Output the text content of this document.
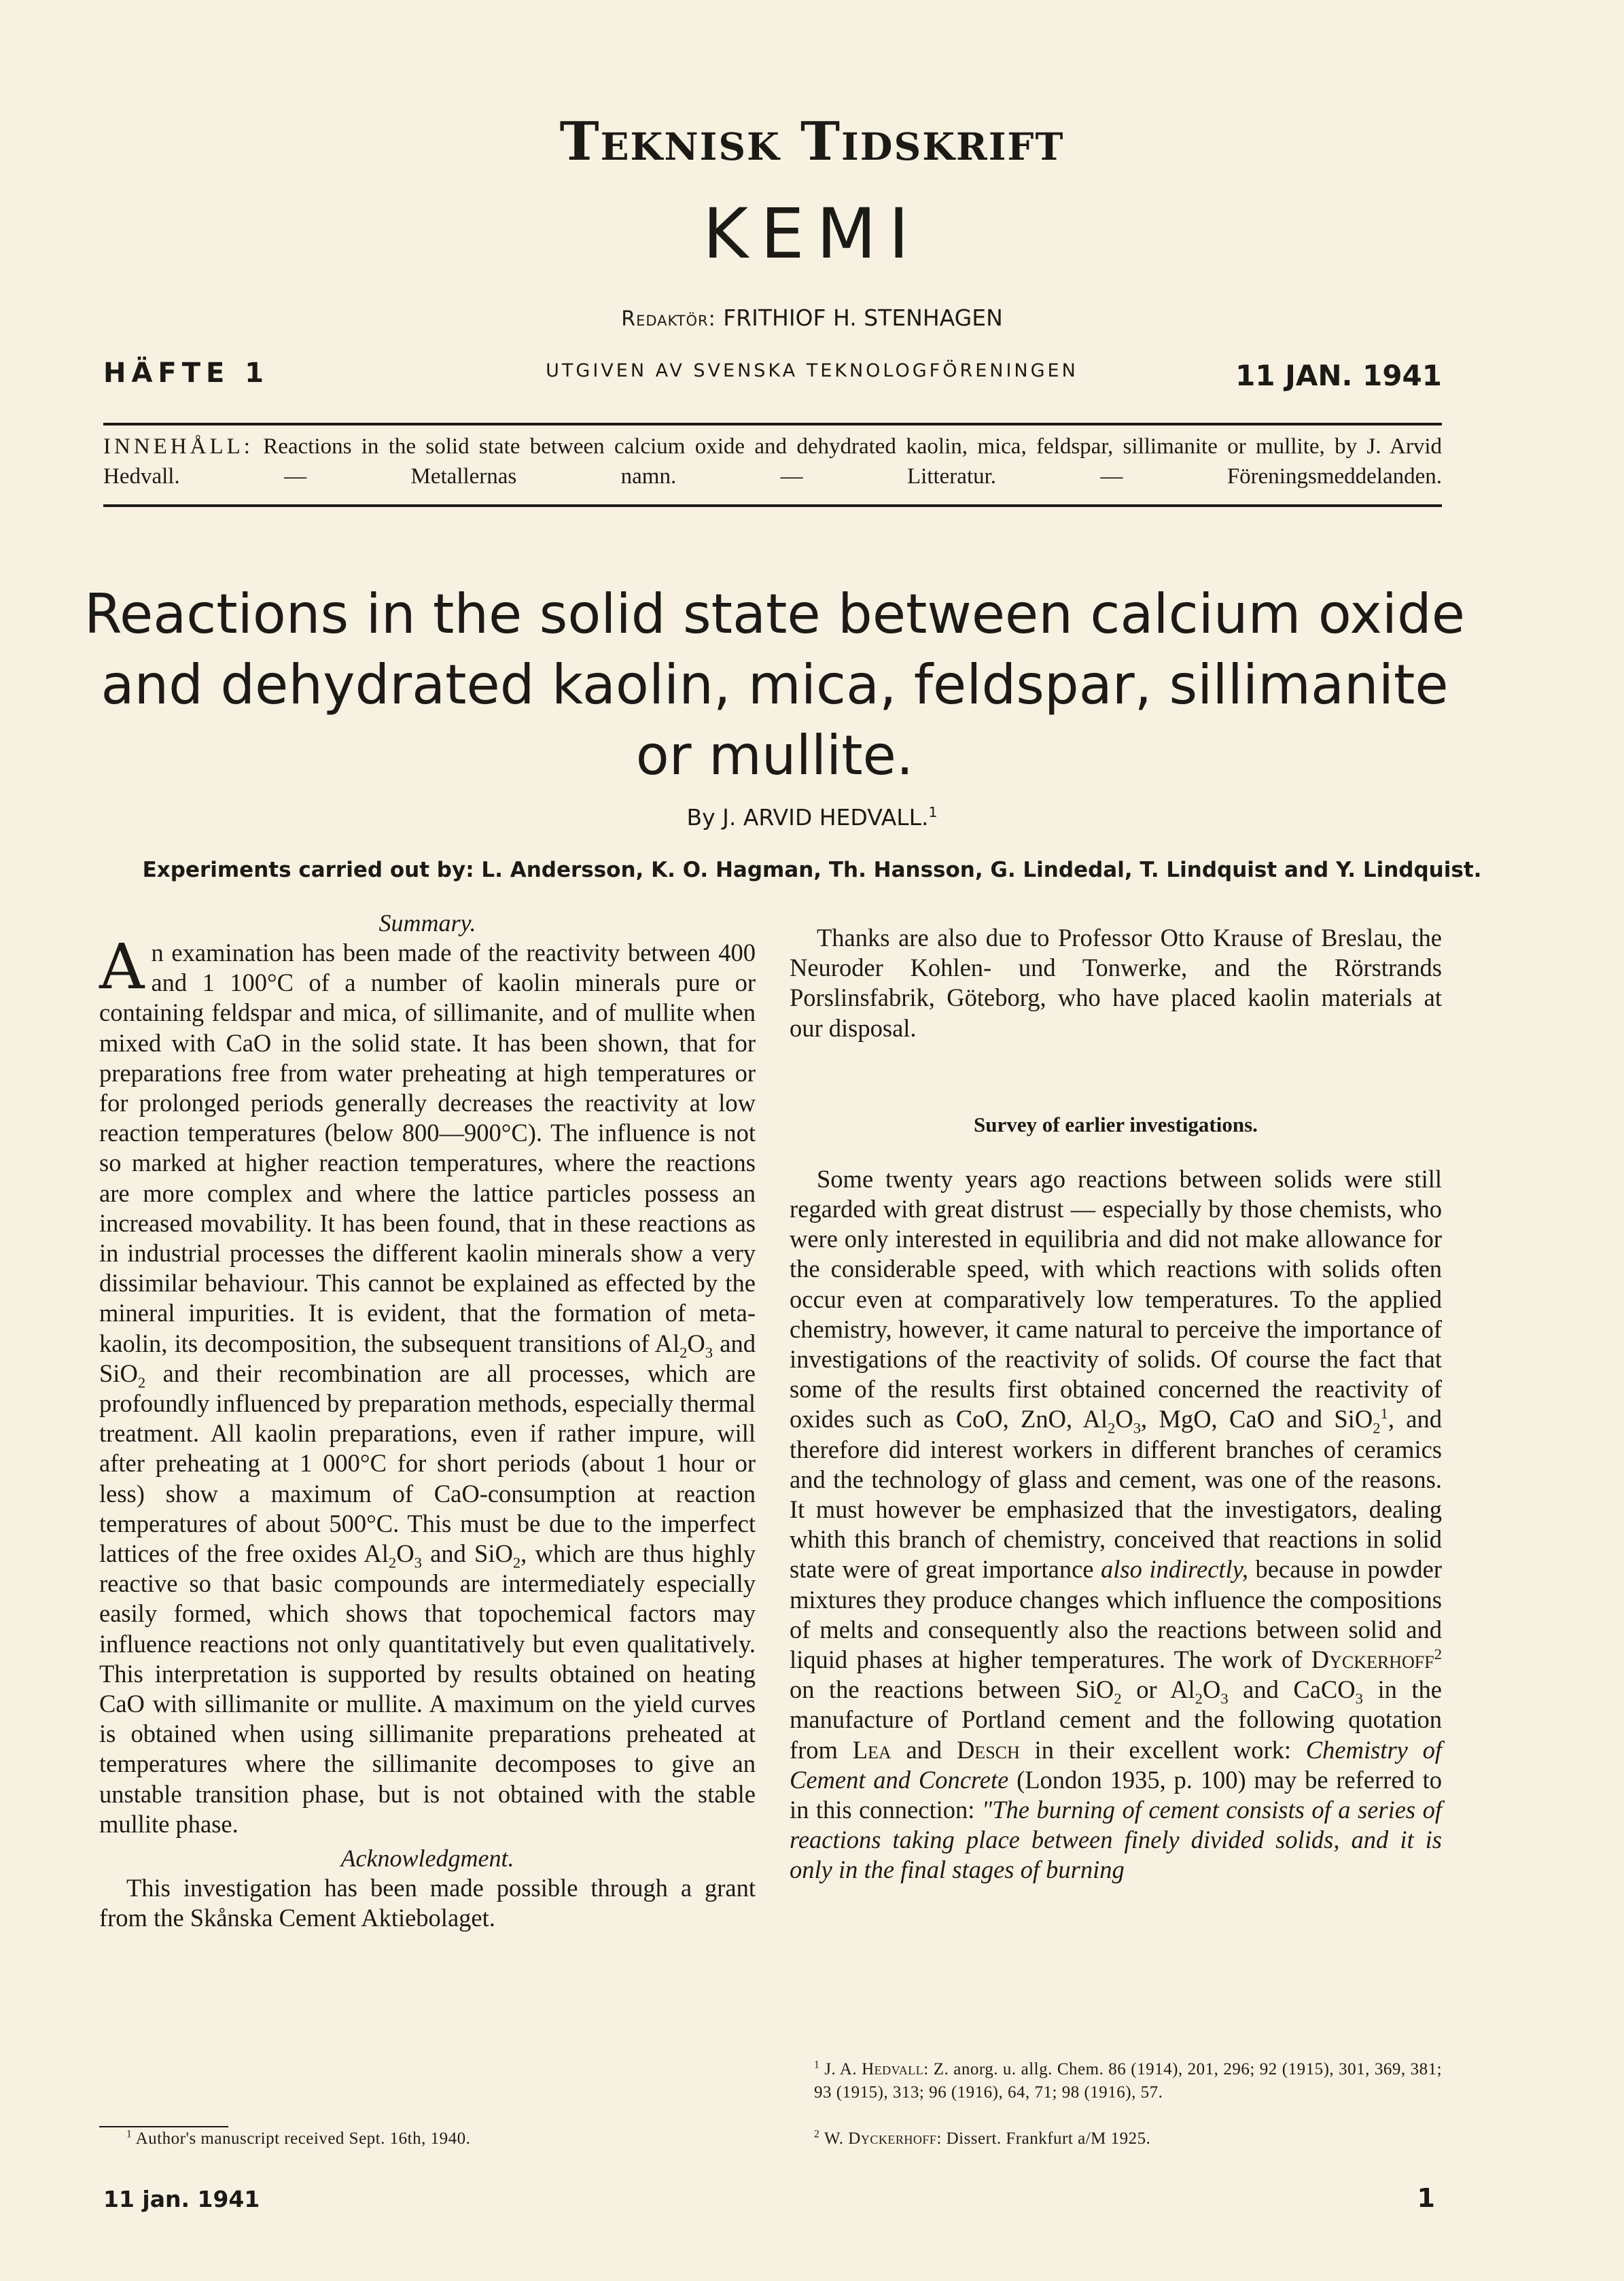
Teknisk Tidskrift
KEMI
Redaktör: FRITHIOF H. STENHAGEN
HÄFTE 1	UTGIVEN AV SVENSKA TEKNOLOGFÖRENINGEN	11 JAN. 1941
INNEHÅLL: Reactions in the solid state between calcium oxide and dehydrated kaolin, mica, feldspar, sillimanite or mullite, by J. Arvid Hedvall. — Metallernas namn. — Litteratur. — Föreningsmeddelanden.
Reactions in the solid state between calcium oxide
and dehydrated kaolin, mica, feldspar, sillimanite
or mullite.
By J. ARVID HEDVALL.$^1$
Experiments carried out by: L. Andersson, K. O. Hagman, Th. Hansson, G. Lindedal, T. Lindquist and Y. Lindquist.
Summary.

An examination has been made of the reactivity between 400 and 1 100°C of a number of kaolin minerals pure or containing feldspar and mica, of sillimanite, and of mullite when mixed with CaO in the solid state. It has been shown, that for preparations free from water preheating at high temperatures or for prolonged periods generally decreases the reactivity at low reaction temperatures (below 800—900°C). The influence is not so marked at higher reaction temperatures, where the reactions are more complex and where the lattice particles possess an increased movability. It has been found, that in these reactions as in industrial processes the different kaolin minerals show a very dissimilar behaviour. This cannot be explained as effected by the mineral impurities. It is evident, that the formation of meta-kaolin, its decomposition, the subsequent transitions of $Al_2O_3$ and SiO$_2$ and their recombination are all processes, which are profoundly influenced by preparation methods, especially thermal treatment. All kaolin preparations, even if rather impure, will after preheating at 1 000°C for short periods (about 1 hour or less) show a maximum of CaO-consumption at reaction temperatures of about 500°C. This must be due to the imperfect lattices of the free oxides $Al_2O_3$ and SiO$_2$, which are thus highly reactive so that basic compounds are intermediately especially easily formed, which shows that topochemical factors may influence reactions not only quantitatively but even qualitatively. This interpretation is supported by results obtained on heating CaO with sillimanite or mullite. A maximum on the yield curves is obtained when using sillimanite preparations preheated at temperatures where the sillimanite decomposes to give an unstable transition phase, but is not obtained with the stable mullite phase.

Acknowledgment.

This investigation has been made possible through a grant from the Skånska Cement Aktiebolaget.

$^1$ Author's manuscript received Sept. 16th, 1940.

Thanks are also due to Professor Otto Krause of Breslau, the Neuroder Kohlen- und Tonwerke, and the Rörstrands Porslinsfabrik, Göteborg, who have placed kaolin materials at our disposal.

Survey of earlier investigations.

Some twenty years ago reactions between solids were still regarded with great distrust — especially by those chemists, who were only interested in equilibria and did not make allowance for the considerable speed, with which reactions with solids often occur even at comparatively low temperatures. To the applied chemistry, however, it came natural to perceive the importance of investigations of the reactivity of solids. Of course the fact that some of the results first obtained concerned the reactivity of oxides such as CoO, ZnO, $Al_2O_3$, MgO, CaO and SiO$_2^1$, and therefore did interest workers in different branches of ceramics and the technology of glass and cement, was one of the reasons. It must however be emphasized that the investigators, dealing whith this branch of chemistry, conceived that reactions in solid state were of great importance also indirectly, because in powder mixtures they produce changes which influence the compositions of melts and consequently also the reactions between solid and liquid phases at higher temperatures. The work of Dyckerhoff$^2$ on the reactions between SiO$_2$ or $Al_2O_3$ and CaCO$_3$ in the manufacture of Portland cement and the following quotation from Lea and Desch in their excellent work: Chemistry of Cement and Concrete (London 1935, p. 100) may be referred to in this connection: "The burning of cement consists of a series of reactions taking place between finely divided solids, and it is only in the final stages of burning

$^1$ J. A. Hedvall: Z. anorg. u. allg. Chem. 86 (1914), 201, 296; 92 (1915), 301, 369, 381; 93 (1915), 313; 96 (1916), 64, 71; 98 (1916), 57.
$^2$ W. Dyckerhoff: Dissert. Frankfurt a/M 1925.
11 jan. 1941	1
